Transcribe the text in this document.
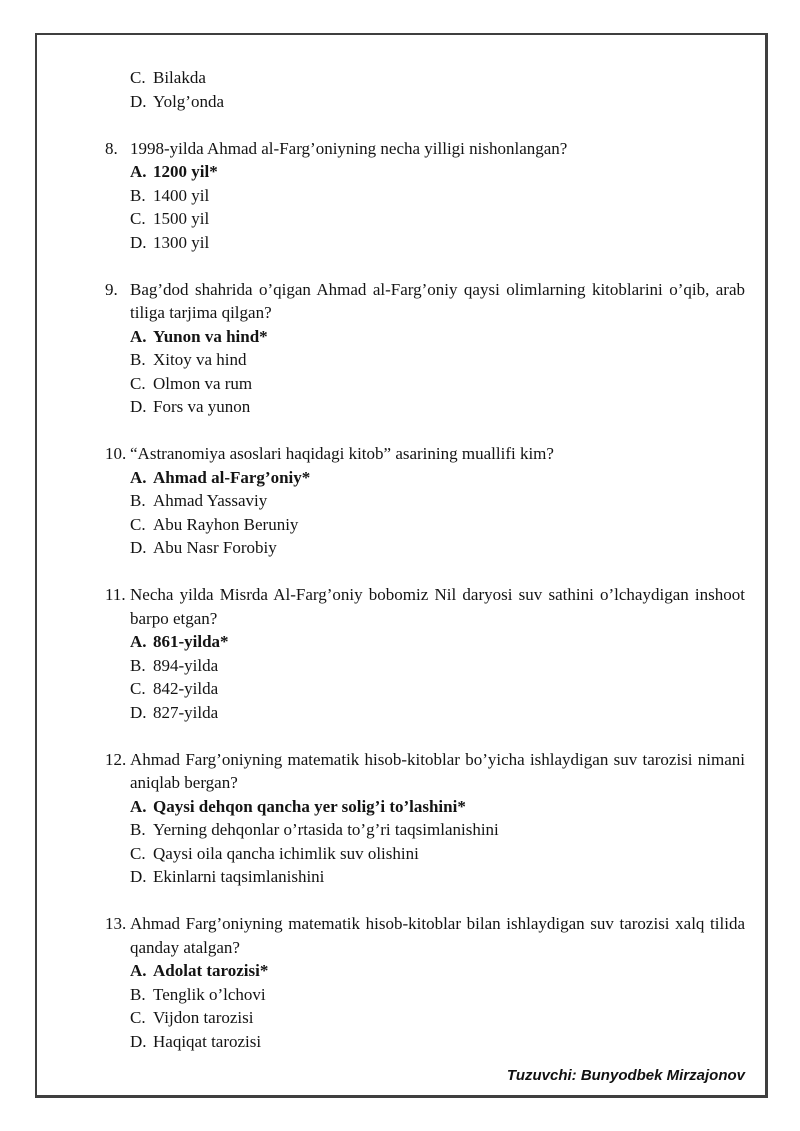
C. Bilakda
D. Yolg’onda
8. 1998-yilda Ahmad al-Farg’oniyning necha yilligi nishonlangan?
A. 1200 yil*
B. 1400 yil
C. 1500 yil
D. 1300 yil
9. Bag’dod shahrida o’qigan Ahmad al-Farg’oniy qaysi olimlarning kitoblarini o’qib, arab tiliga tarjima qilgan?
A. Yunon va hind*
B. Xitoy va hind
C. Olmon va rum
D. Fors va yunon
10. “Astranomiya asoslari haqidagi kitob” asarining muallifi kim?
A. Ahmad al-Farg’oniy*
B. Ahmad Yassaviy
C. Abu Rayhon Beruniy
D. Abu Nasr Forobiy
11. Necha yilda Misrda Al-Farg’oniy bobomiz Nil daryosi suv sathini o’lchaydigan inshoot barpo etgan?
A. 861-yilda*
B. 894-yilda
C. 842-yilda
D. 827-yilda
12. Ahmad Farg’oniyning matematik hisob-kitoblar bo’yicha ishlaydigan suv tarozisi nimani aniqlab bergan?
A. Qaysi dehqon qancha yer solig’i to’lashini*
B. Yerning dehqonlar o’rtasida to’g’ri taqsimlanishini
C. Qaysi oila qancha ichimlik suv olishini
D. Ekinlarni taqsimlanishini
13. Ahmad Farg’oniyning matematik hisob-kitoblar bilan ishlaydigan suv tarozisi xalq tilida qanday atalgan?
A. Adolat tarozisi*
B. Tenglik o’lchovi
C. Vijdon tarozisi
D. Haqiqat tarozisi
Tuzuvchi: Bunyodbek Mirzajonov
